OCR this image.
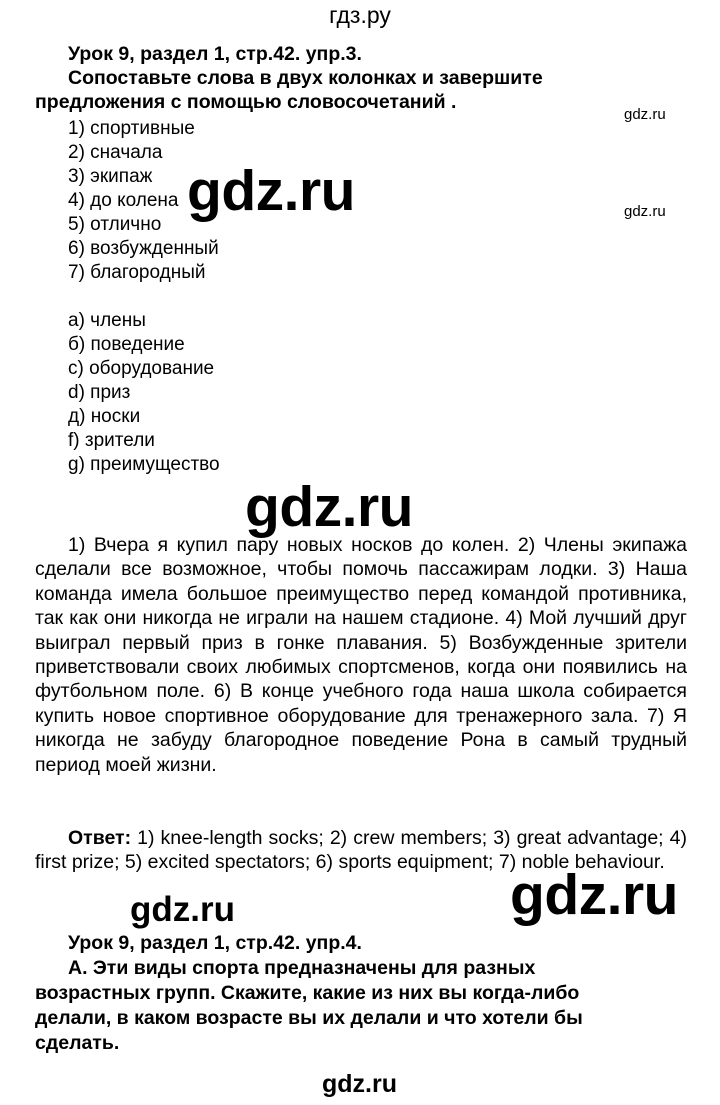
гдз.ру
Урок 9, раздел 1, стр.42. упр.3.
Сопоставьте слова в двух колонках и завершите
предложения с помощью словосочетаний .
1) спортивные
2) сначала
3) экипаж
4) до колена
5) отлично
6) возбужденный
7) благородный
a) члены
б) поведение
c) оборудование
d) приз
д) носки
f) зрители
g) преимущество
1) Вчера я купил пару новых носков до колен. 2) Члены экипажа сделали все возможное, чтобы помочь пассажирам лодки. 3) Наша команда имела большое преимущество перед командой противника, так как они никогда не играли на нашем стадионе. 4) Мой лучший друг выиграл первый приз в гонке плавания. 5) Возбужденные зрители приветствовали своих любимых спортсменов, когда они появились на футбольном поле. 6) В конце учебного года наша школа собирается купить новое спортивное оборудование для тренажерного зала. 7) Я никогда не забуду благородное поведение Рона в самый трудный период моей жизни.
Ответ: 1) knee-length socks; 2) crew members; 3) great advantage; 4) first prize; 5) excited spectators; 6) sports equipment; 7) noble behaviour.
Урок 9, раздел 1, стр.42. упр.4.
A. Эти виды спорта предназначены для разных
возрастных групп. Скажите, какие из них вы когда-либо
делали, в каком возрасте вы их делали и что хотели бы
сделать.
gdz.ru
gdz.ru
gdz.ru
gdz.ru
gdz.ru
gdz.ru
gdz.ru
